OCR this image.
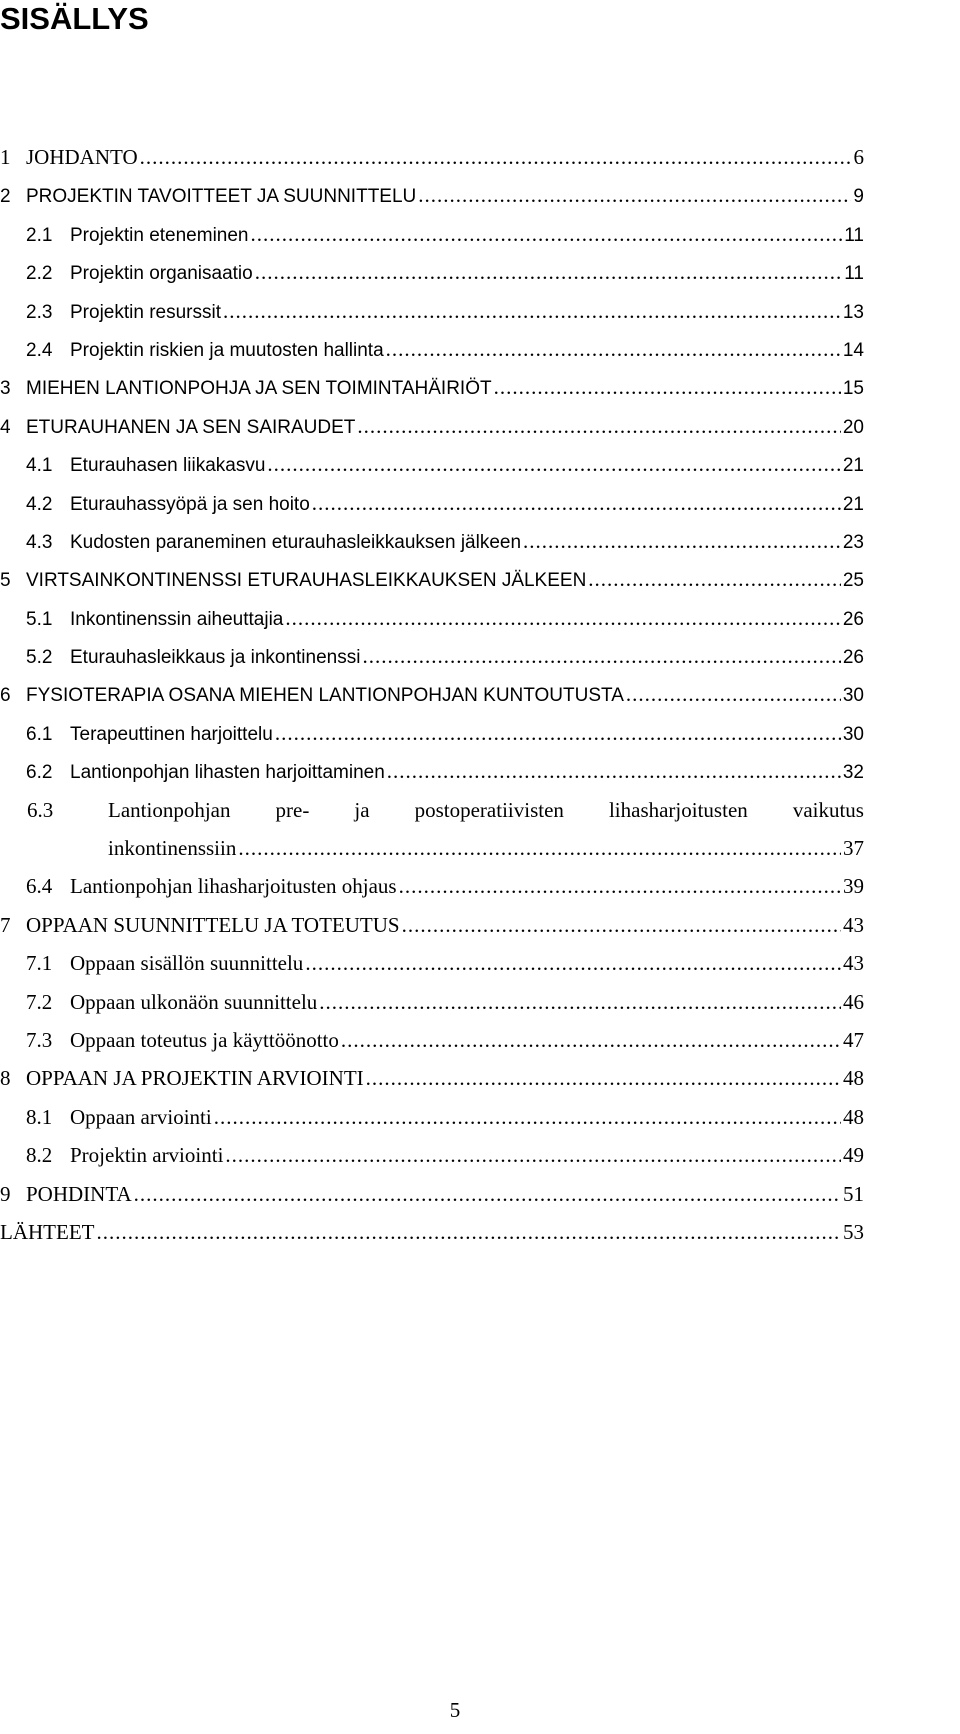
SISÄLLYS
1 JOHDANTO .....	6
2 PROJEKTIN TAVOITTEET JA SUUNNITTELU .....	9
2.1 Projektin eteneminen .....	11
2.2 Projektin organisaatio .....	11
2.3 Projektin resurssit .....	13
2.4 Projektin riskien ja muutosten hallinta .....	14
3 MIEHEN LANTIONPOHJA JA SEN TOIMINTAHÄIRIÖT .....	15
4 ETURAUHANEN JA SEN SAIRAUDET .....	20
4.1 Eturauhasen liikakasvu .....	21
4.2 Eturauhassyöpä ja sen hoito .....	21
4.3 Kudosten paraneminen eturauhasleikkauksen jälkeen .....	23
5 VIRTSAINKONTINENSSI ETURAUHASLEIKKAUKSEN JÄLKEEN .....	25
5.1 Inkontinenssin aiheuttajia .....	26
5.2 Eturauhasleikkaus ja inkontinenssi .....	26
6 FYSIOTERAPIA OSANA MIEHEN LANTIONPOHJAN KUNTOUTUSTA .....	30
6.1 Terapeuttinen harjoittelu .....	30
6.2 Lantionpohjan lihasten harjoittaminen .....	32
6.3	Lantionpohjan pre- ja postoperatiivisten lihasharjoitusten vaikutus
inkontinenssiin .....	37
6.4 Lantionpohjan lihasharjoitusten ohjaus .....	39
7 OPPAAN SUUNNITTELU JA TOTEUTUS .....	43
7.1 Oppaan sisällön suunnittelu .....	43
7.2 Oppaan ulkonäön suunnittelu .....	46
7.3 Oppaan toteutus ja käyttöönotto .....	47
8 OPPAAN JA PROJEKTIN ARVIOINTI .....	48
8.1 Oppaan arviointi .....	48
8.2 Projektin arviointi .....	49
9 POHDINTA .....	51
LÄHTEET .....	53
5
